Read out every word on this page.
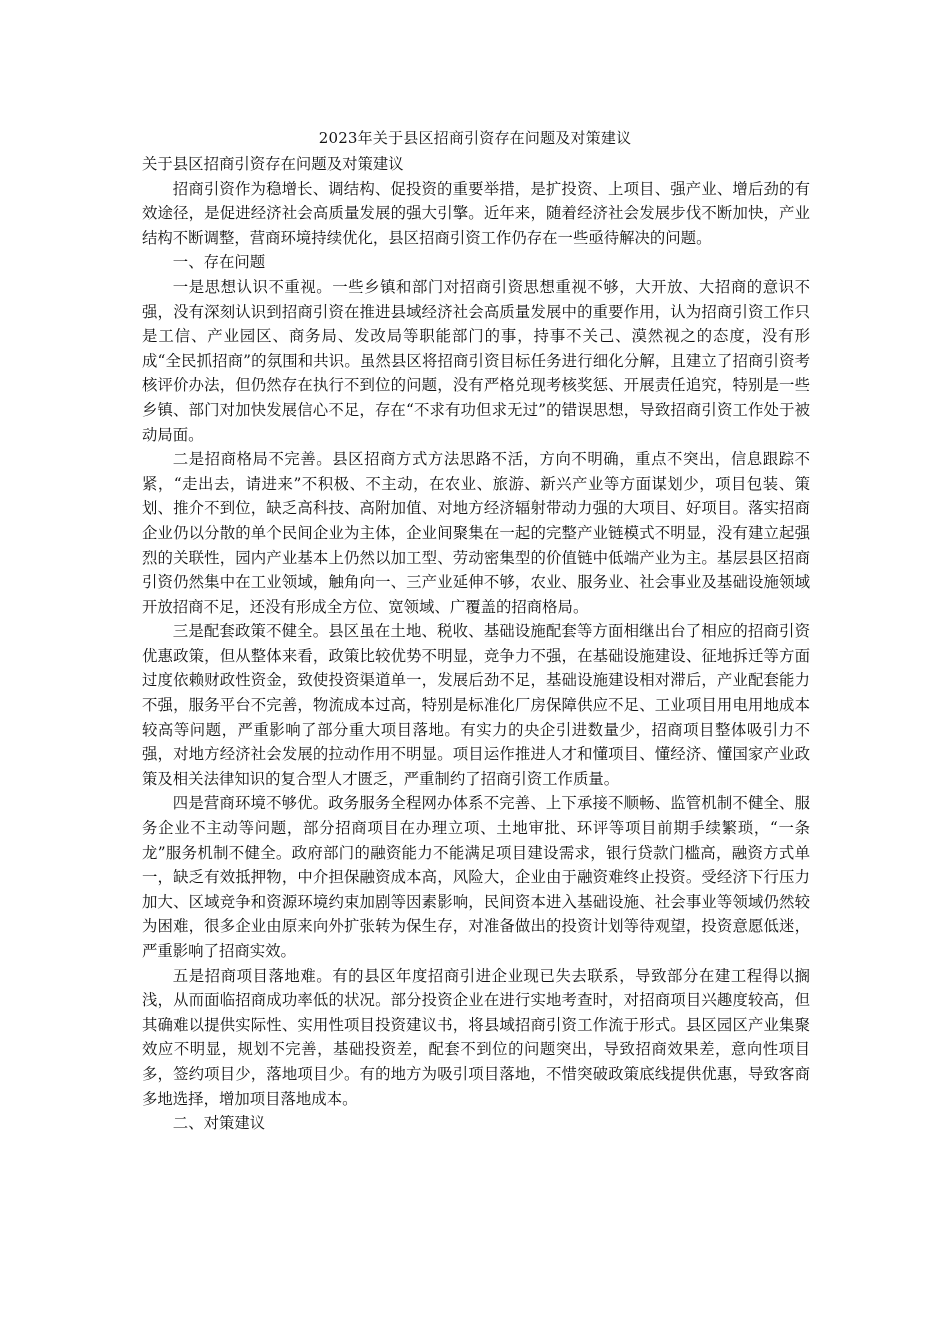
2023年关于县区招商引资存在问题及对策建议

关于县区招商引资存在问题及对策建议

招商引资作为稳增长、调结构、促投资的重要举措，是扩投资、上项目、强产业、增后劲的有效途径，是促进经济社会高质量发展的强大引擎。近年来，随着经济社会发展步伐不断加快，产业结构不断调整，营商环境持续优化，县区招商引资工作仍存在一些亟待解决的问题。

一、存在问题

一是思想认识不重视。一些乡镇和部门对招商引资思想重视不够，大开放、大招商的意识不强，没有深刻认识到招商引资在推进县域经济社会高质量发展中的重要作用，认为招商引资工作只是工信、产业园区、商务局、发改局等职能部门的事，持事不关己、漠然视之的态度，没有形成“全民抓招商”的氛围和共识。虽然县区将招商引资目标任务进行细化分解，且建立了招商引资考核评价办法，但仍然存在执行不到位的问题，没有严格兑现考核奖惩、开展责任追究，特别是一些乡镇、部门对加快发展信心不足，存在“不求有功但求无过”的错误思想，导致招商引资工作处于被动局面。

二是招商格局不完善。县区招商方式方法思路不活，方向不明确，重点不突出，信息跟踪不紧，“走出去，请进来”不积极、不主动，在农业、旅游、新兴产业等方面谋划少，项目包装、策划、推介不到位，缺乏高科技、高附加值、对地方经济辐射带动力强的大项目、好项目。落实招商企业仍以分散的单个民间企业为主体，企业间聚集在一起的完整产业链模式不明显，没有建立起强烈的关联性，园内产业基本上仍然以加工型、劳动密集型的价值链中低端产业为主。基层县区招商引资仍然集中在工业领域，触角向一、三产业延伸不够，农业、服务业、社会事业及基础设施领域开放招商不足，还没有形成全方位、宽领域、广覆盖的招商格局。

三是配套政策不健全。县区虽在土地、税收、基础设施配套等方面相继出台了相应的招商引资优惠政策，但从整体来看，政策比较优势不明显，竞争力不强，在基础设施建设、征地拆迁等方面过度依赖财政性资金，致使投资渠道单一，发展后劲不足，基础设施建设相对滞后，产业配套能力不强，服务平台不完善，物流成本过高，特别是标准化厂房保障供应不足、工业项目用电用地成本较高等问题，严重影响了部分重大项目落地。有实力的央企引进数量少，招商项目整体吸引力不强，对地方经济社会发展的拉动作用不明显。项目运作推进人才和懂项目、懂经济、懂国家产业政策及相关法律知识的复合型人才匮乏，严重制约了招商引资工作质量。

四是营商环境不够优。政务服务全程网办体系不完善、上下承接不顺畅、监管机制不健全、服务企业不主动等问题，部分招商项目在办理立项、土地审批、环评等项目前期手续繁琐，“一条龙”服务机制不健全。政府部门的融资能力不能满足项目建设需求，银行贷款门槛高，融资方式单一，缺乏有效抵押物，中介担保融资成本高，风险大，企业由于融资难终止投资。受经济下行压力加大、区域竞争和资源环境约束加剧等因素影响，民间资本进入基础设施、社会事业等领域仍然较为困难，很多企业由原来向外扩张转为保生存，对准备做出的投资计划等待观望，投资意愿低迷，严重影响了招商实效。

五是招商项目落地难。有的县区年度招商引进企业现已失去联系，导致部分在建工程得以搁浅，从而面临招商成功率低的状况。部分投资企业在进行实地考查时，对招商项目兴趣度较高，但其确难以提供实际性、实用性项目投资建议书，将县域招商引资工作流于形式。县区园区产业集聚效应不明显，规划不完善，基础投资差，配套不到位的问题突出，导致招商效果差，意向性项目多，签约项目少，落地项目少。有的地方为吸引项目落地，不惜突破政策底线提供优惠，导致客商多地选择，增加项目落地成本。

二、对策建议
